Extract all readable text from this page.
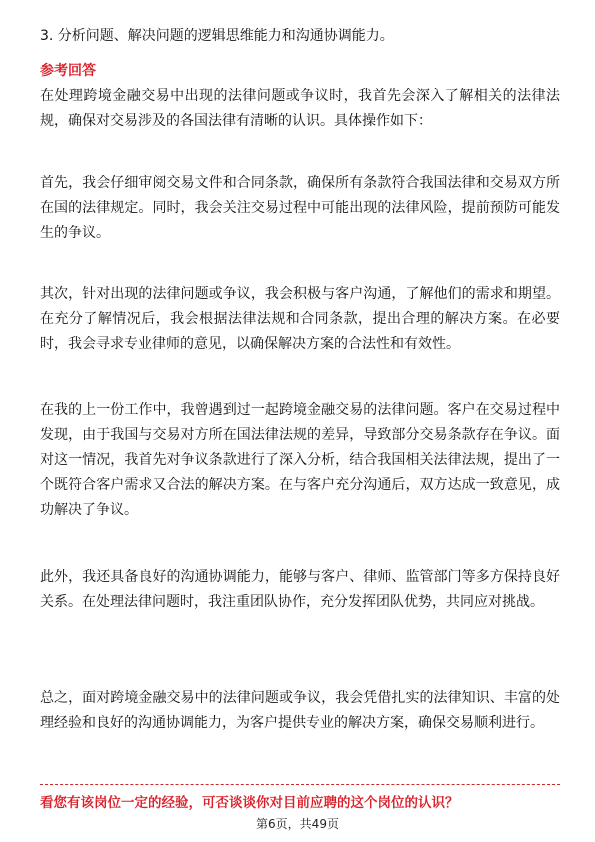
3. 分析问题、解决问题的逻辑思维能力和沟通协调能力。
参考回答
在处理跨境金融交易中出现的法律问题或争议时，我首先会深入了解相关的法律法规，确保对交易涉及的各国法律有清晰的认识。具体操作如下：
首先，我会仔细审阅交易文件和合同条款，确保所有条款符合我国法律和交易双方所在国的法律规定。同时，我会关注交易过程中可能出现的法律风险，提前预防可能发生的争议。
其次，针对出现的法律问题或争议，我会积极与客户沟通，了解他们的需求和期望。在充分了解情况后，我会根据法律法规和合同条款，提出合理的解决方案。在必要时，我会寻求专业律师的意见，以确保解决方案的合法性和有效性。
在我的上一份工作中，我曾遇到过一起跨境金融交易的法律问题。客户在交易过程中发现，由于我国与交易对方所在国法律法规的差异，导致部分交易条款存在争议。面对这一情况，我首先对争议条款进行了深入分析，结合我国相关法律法规，提出了一个既符合客户需求又合法的解决方案。在与客户充分沟通后，双方达成一致意见，成功解决了争议。
此外，我还具备良好的沟通协调能力，能够与客户、律师、监管部门等多方保持良好关系。在处理法律问题时，我注重团队协作，充分发挥团队优势，共同应对挑战。
总之，面对跨境金融交易中的法律问题或争议，我会凭借扎实的法律知识、丰富的处理经验和良好的沟通协调能力，为客户提供专业的解决方案，确保交易顺利进行。
看您有该岗位一定的经验，可否谈谈你对目前应聘的这个岗位的认识？
第6页，共49页
